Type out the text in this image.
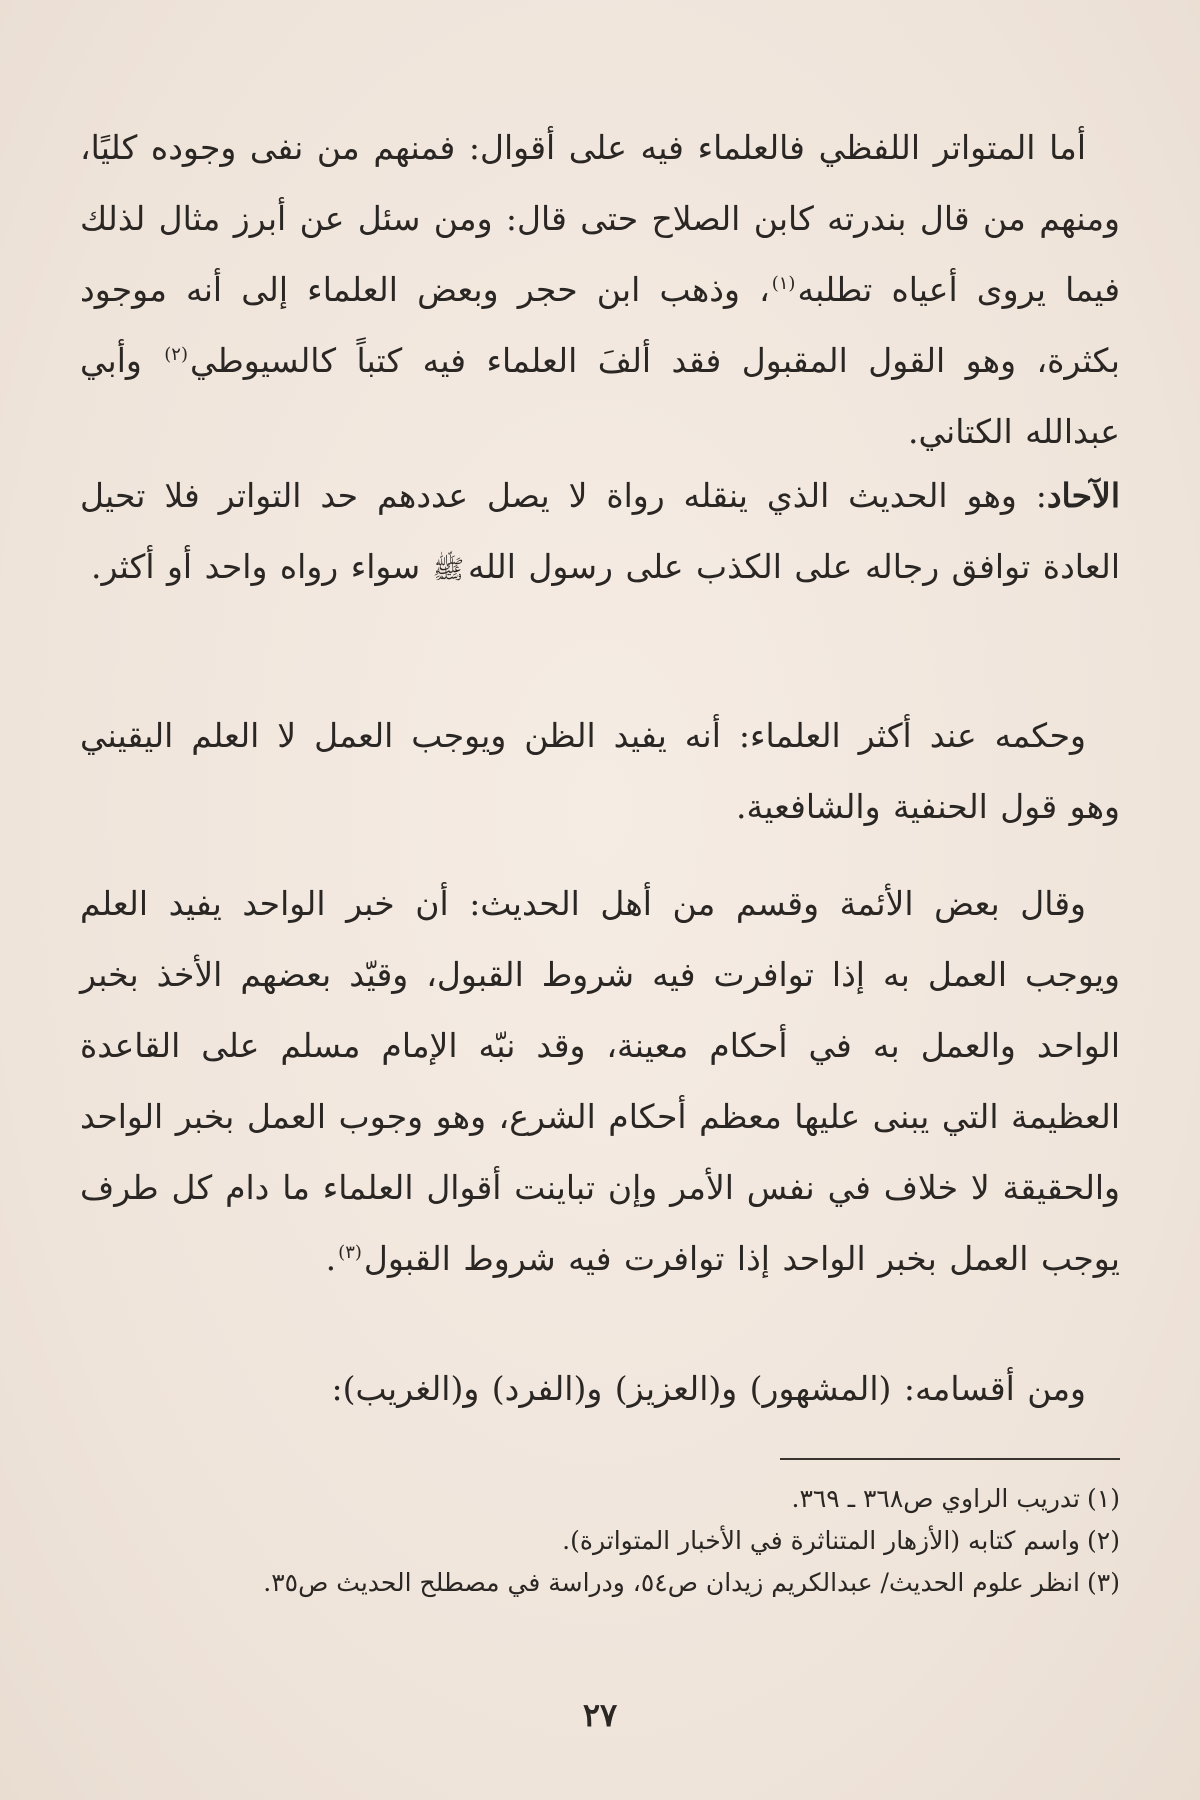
أما المتواتر اللفظي فالعلماء فيه على أقوال: فمنهم من نفى وجوده كليًا، ومنهم من قال بندرته كابن الصلاح حتى قال: ومن سئل عن أبرز مثال لذلك فيما يروى أعياه تطلبه$^{(١)}$، وذهب ابن حجر وبعض العلماء إلى أنه موجود بكثرة، وهو القول المقبول فقد ألفَ العلماء فيه كتباً كالسيوطي$^{(٢)}$ وأبي عبدالله الكتاني.

الآحاد: وهو الحديث الذي ينقله رواة لا يصل عددهم حد التواتر فلا تحيل العادة توافق رجاله على الكذب على رسول اللهﷺ سواء رواه واحد أو أكثر.

وحكمه عند أكثر العلماء: أنه يفيد الظن ويوجب العمل لا العلم اليقيني وهو قول الحنفية والشافعية.

وقال بعض الأئمة وقسم من أهل الحديث: أن خبر الواحد يفيد العلم ويوجب العمل به إذا توافرت فيه شروط القبول، وقيّد بعضهم الأخذ بخبر الواحد والعمل به في أحكام معينة، وقد نبّه الإمام مسلم على القاعدة العظيمة التي يبنى عليها معظم أحكام الشرع، وهو وجوب العمل بخبر الواحد والحقيقة لا خلاف في نفس الأمر وإن تباينت أقوال العلماء ما دام كل طرف يوجب العمل بخبر الواحد إذا توافرت فيه شروط القبول$^{(٣)}$.

ومن أقسامه: (المشهور) و(العزيز) و(الفرد) و(الغريب):

(١)
تدريب الراوي ص٣٦٨ ـ ٣٦٩.
(٢)
واسم كتابه (الأزهار المتناثرة في الأخبار المتواترة).
(٣)
انظر علوم الحديث/ عبدالكريم زيدان ص٥٤، ودراسة في مصطلح الحديث ص٣٥.
٢٧
